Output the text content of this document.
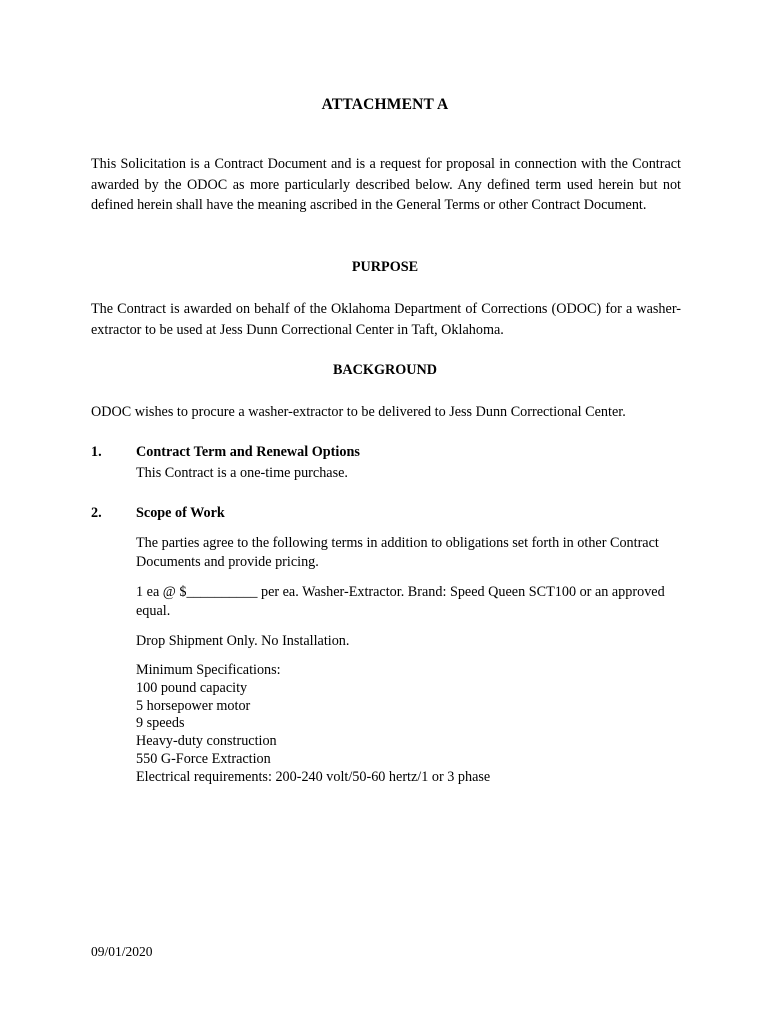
ATTACHMENT A
This Solicitation is a Contract Document and is a request for proposal in connection with the Contract awarded by the ODOC as more particularly described below. Any defined term used herein but not defined herein shall have the meaning ascribed in the General Terms or other Contract Document.
PURPOSE
The Contract is awarded on behalf of the Oklahoma Department of Corrections (ODOC) for a washer-extractor to be used at Jess Dunn Correctional Center in Taft, Oklahoma.
BACKGROUND
ODOC wishes to procure a washer-extractor to be delivered to Jess Dunn Correctional Center.
1. Contract Term and Renewal Options
This Contract is a one-time purchase.
2. Scope of Work
The parties agree to the following terms in addition to obligations set forth in other Contract Documents and provide pricing.
1 ea @ $__________ per ea. Washer-Extractor. Brand: Speed Queen SCT100 or an approved equal.
Drop Shipment Only. No Installation.
Minimum Specifications:
100 pound capacity
5 horsepower motor
9 speeds
Heavy-duty construction
550 G-Force Extraction
Electrical requirements: 200-240 volt/50-60 hertz/1 or 3 phase
09/01/2020
